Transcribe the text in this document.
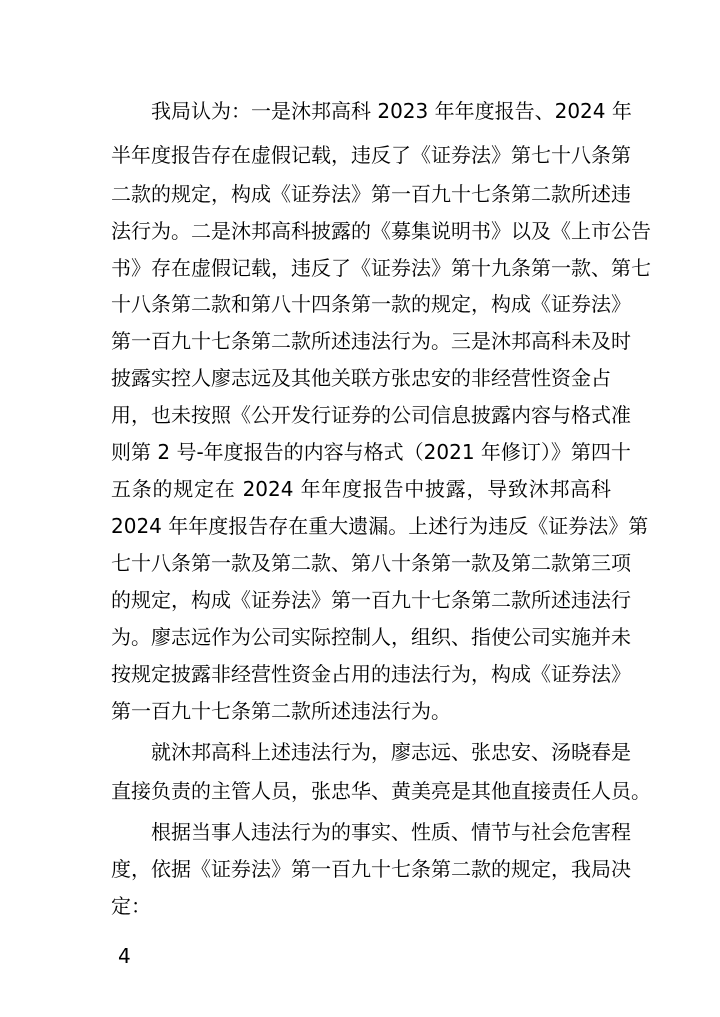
我局认为：一是沐邦高科 2023 年年度报告、2024 年
半年度报告存在虚假记载，违反了《证券法》第七十八条第
二款的规定，构成《证券法》第一百九十七条第二款所述违
法行为。二是沐邦高科披露的《募集说明书》以及《上市公告
书》存在虚假记载，违反了《证券法》第十九条第一款、第七
十八条第二款和第八十四条第一款的规定，构成《证券法》
第一百九十七条第二款所述违法行为。三是沐邦高科未及时
披露实控人廖志远及其他关联方张忠安的非经营性资金占
用，也未按照《公开发行证券的公司信息披露内容与格式准
则第 2 号-年度报告的内容与格式（2021 年修订）》第四十
五条的规定在 2024 年年度报告中披露，导致沐邦高科
2024 年年度报告存在重大遗漏。上述行为违反《证券法》第
七十八条第一款及第二款、第八十条第一款及第二款第三项
的规定，构成《证券法》第一百九十七条第二款所述违法行
为。廖志远作为公司实际控制人，组织、指使公司实施并未
按规定披露非经营性资金占用的违法行为，构成《证券法》
第一百九十七条第二款所述违法行为。
就沐邦高科上述违法行为，廖志远、张忠安、汤晓春是
直接负责的主管人员，张忠华、黄美亮是其他直接责任人员。
根据当事人违法行为的事实、性质、情节与社会危害程
度，依据《证券法》第一百九十七条第二款的规定，我局决
定：
4
